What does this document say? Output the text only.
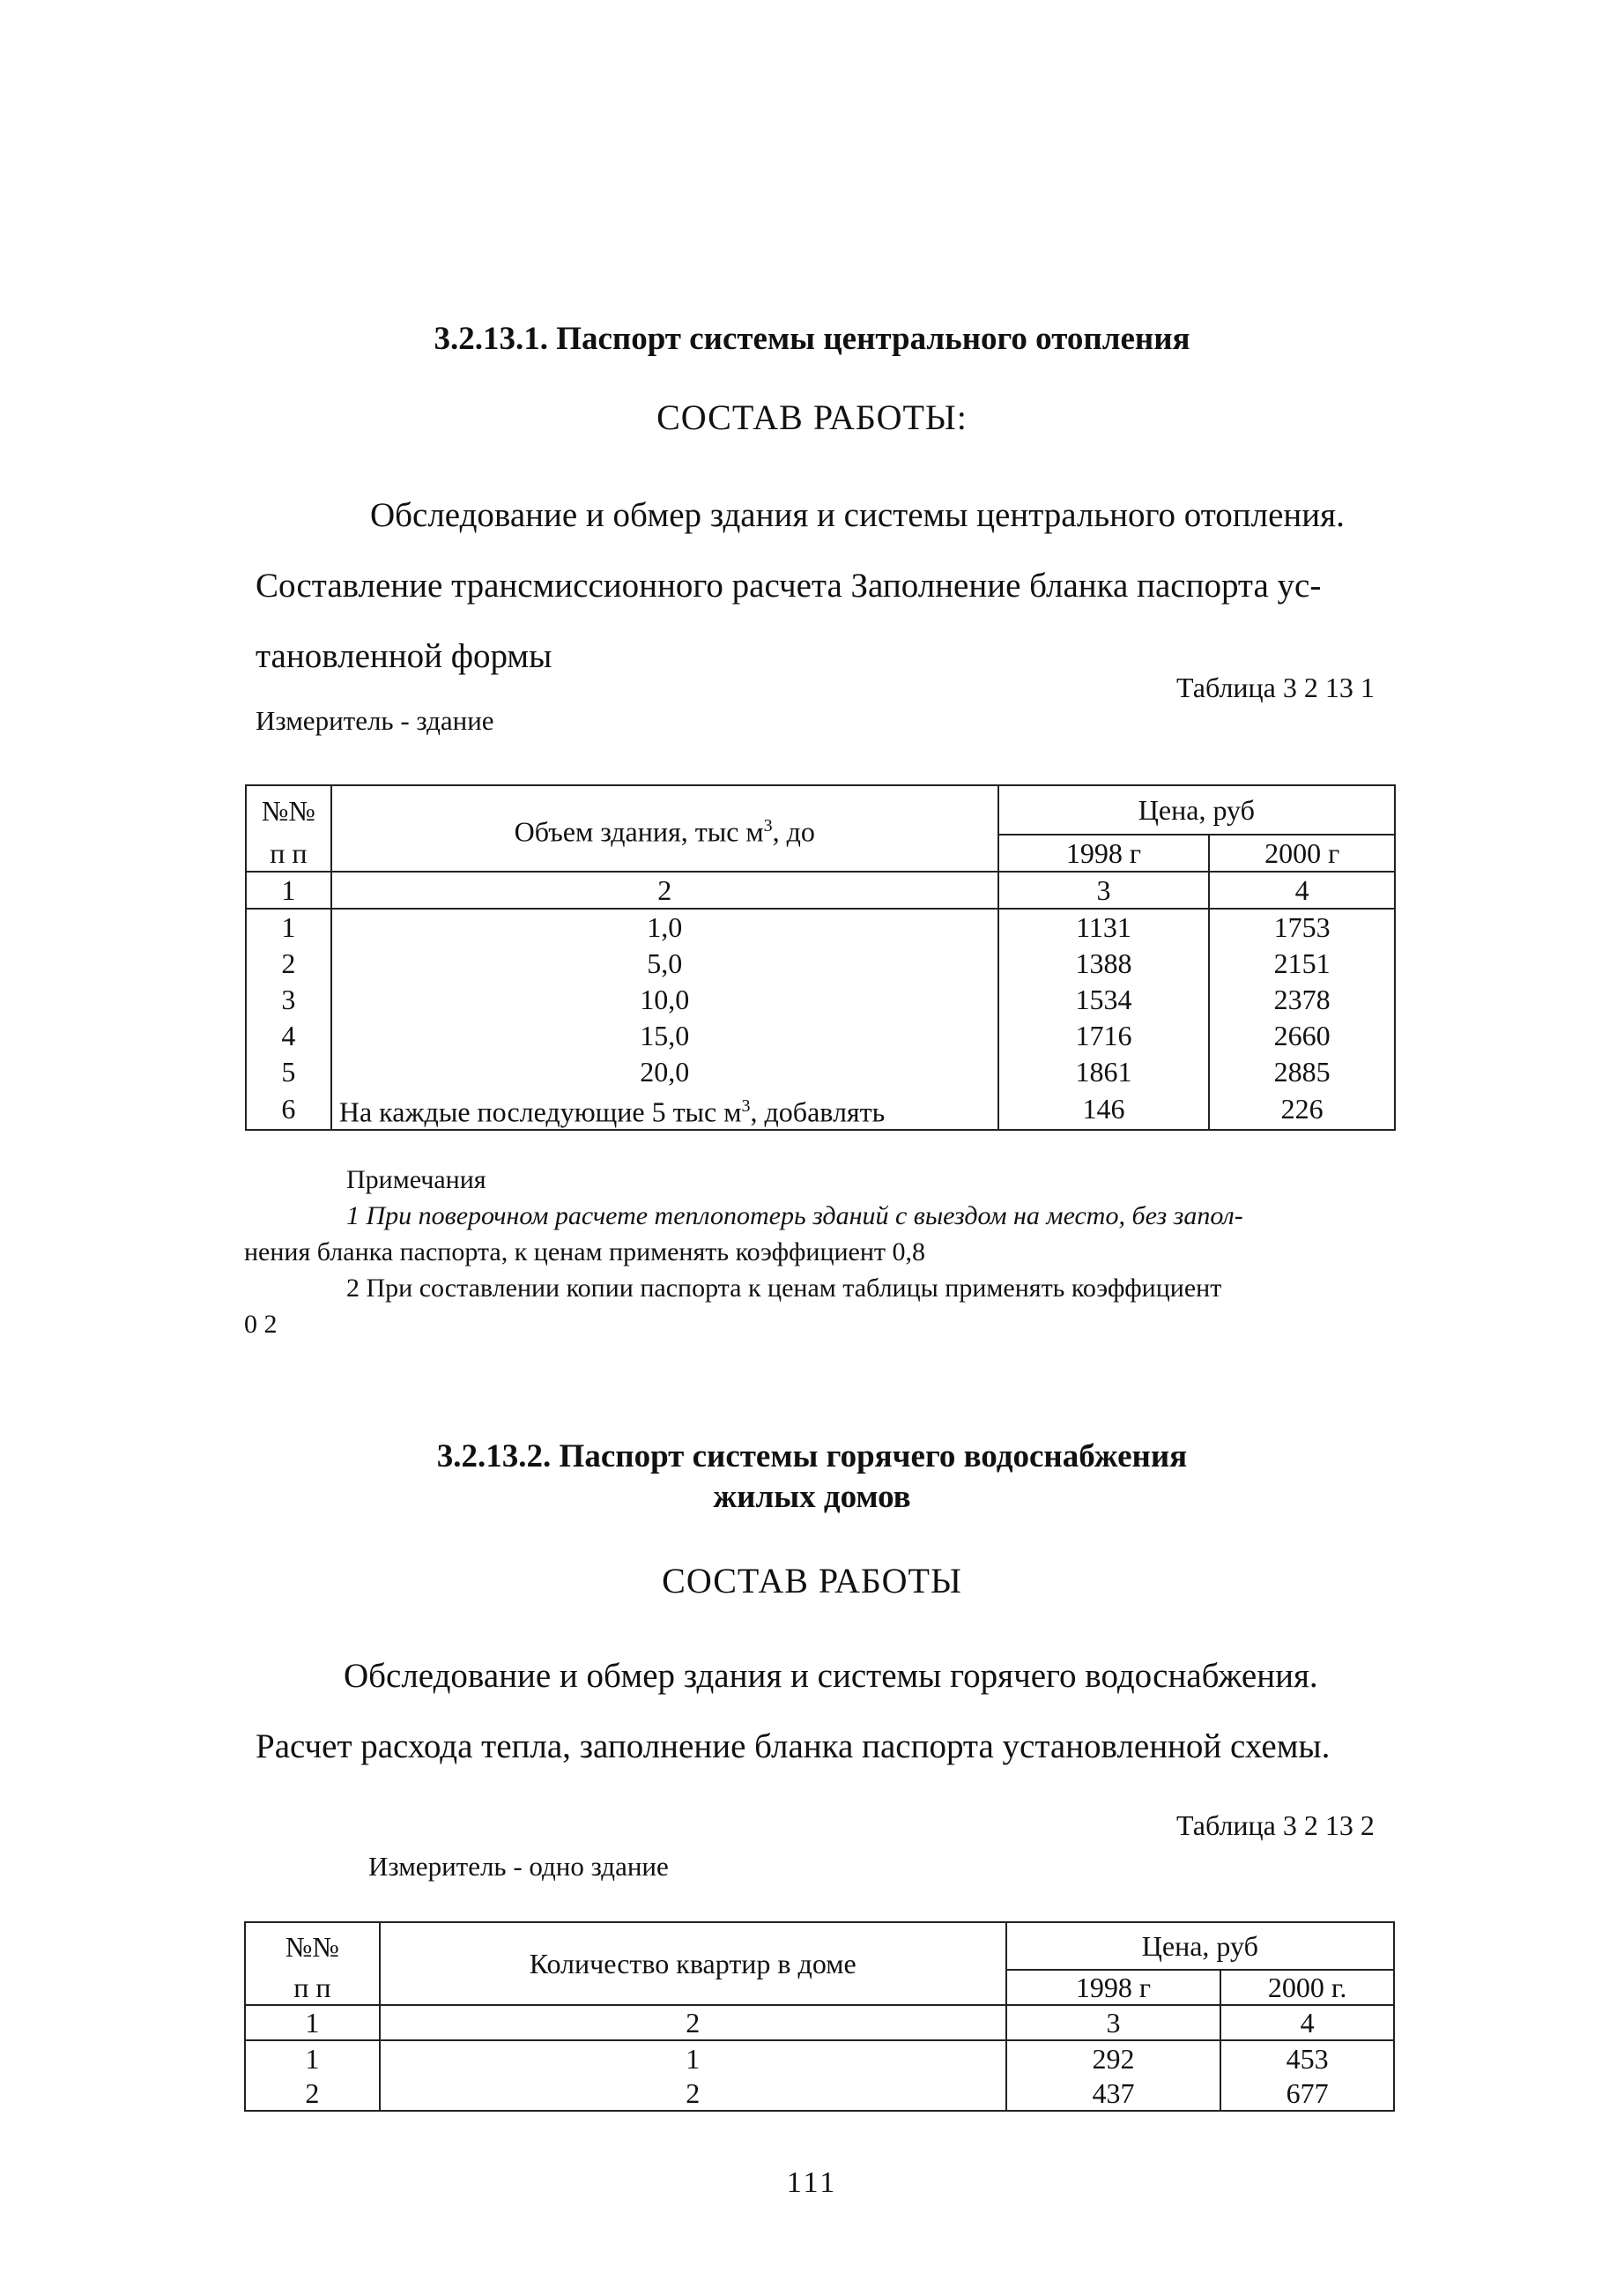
3.2.13.1. Паспорт системы центрального отопления
СОСТАВ РАБОТЫ:
Обследование и обмер здания и системы центрального отопления.
Составление трансмиссионного расчета Заполнение бланка паспорта ус-
тановленной формы
Таблица 3 2 13 1
Измеритель - здание
№№	Объем здания, тыс $м^3$, до	Цена, руб	
п п		1998 г	2000 г
1	2	3	4
1	1,0	1131	1753
2	5,0	1388	2151
3	10,0	1534	2378
4	15,0	1716	2660
5	20,0	1861	2885
6	На каждые последующие 5 тыс $м^3$, добавлять	146	226
Примечания
1 При поверочном расчете теплопотерь зданий с выездом на место, без запол-
нения бланка паспорта, к ценам применять коэффициент 0,8
2 При составлении копии паспорта к ценам таблицы применять коэффициент
0 2
3.2.13.2. Паспорт системы горячего водоснабжения
жилых домов
СОСТАВ РАБОТЫ
Обследование и обмер здания и системы горячего водоснабжения.
Расчет расхода тепла, заполнение бланка паспорта установленной схемы.
Таблица 3 2 13 2
Измеритель - одно здание
№№	Количество квартир в доме	Цена, руб	
п п		1998 г	2000 г.
1	2	3	4
1	1	292	453
2	2	437	677
111
